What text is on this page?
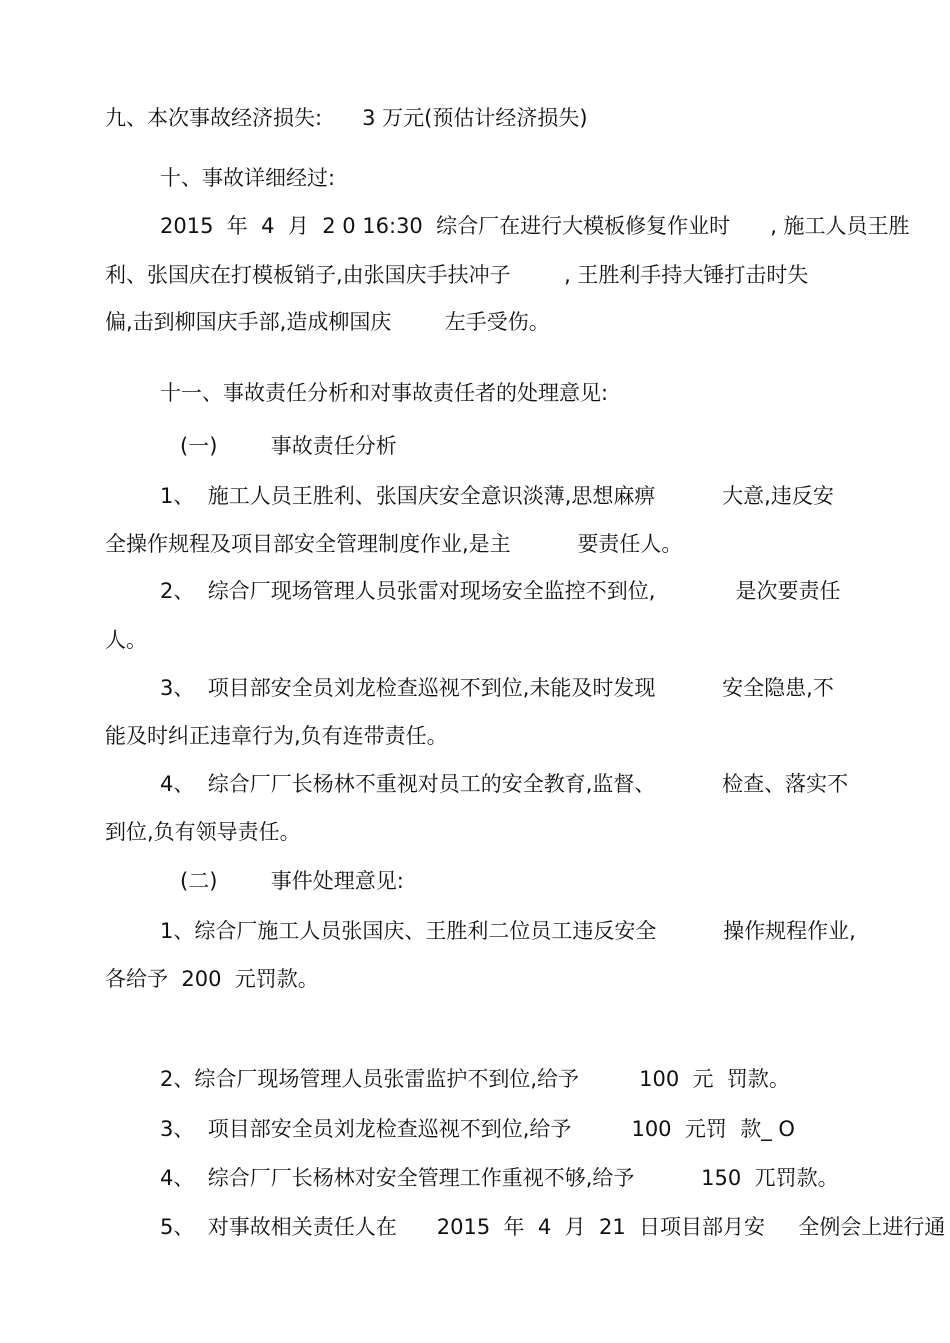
九、本次事故经济损失:      3 万元(预估计经济损失)
十、事故详细经过:
2015  年  4  月  2 0 16:30  综合厂在进行大模板修复作业时      , 施工人员王胜
利、张国庆在打模板销子,由张国庆手扶冲子        , 王胜利手持大锤打击时失
偏,击到柳国庆手部,造成柳国庆        左手受伤。
十一、事故责任分析和对事故责任者的处理意见:
(一)        事故责任分析
1、  施工人员王胜利、张国庆安全意识淡薄,思想麻痹          大意,违反安
全操作规程及项目部安全管理制度作业,是主          要责任人。
2、  综合厂现场管理人员张雷对现场安全监控不到位,            是次要责任
人。
3、  项目部安全员刘龙检查巡视不到位,未能及时发现          安全隐患,不
能及时纠正违章行为,负有连带责任。
4、  综合厂厂长杨林不重视对员工的安全教育,监督、          检查、落实不
到位,负有领导责任。
(二)        事件处理意见:
1、综合厂施工人员张国庆、王胜利二位员工违反安全          操作规程作业,
各给予  200  元罚款。
2、综合厂现场管理人员张雷监护不到位,给予         100  元  罚款。
3、  项目部安全员刘龙检查巡视不到位,给予         100  元罚  款_ O
4、  综合厂厂长杨林对安全管理工作重视不够,给予          150  兀罚款。
5、  对事故相关责任人在      2015  年  4  月  21  日项目部月安     全例会上进行通
